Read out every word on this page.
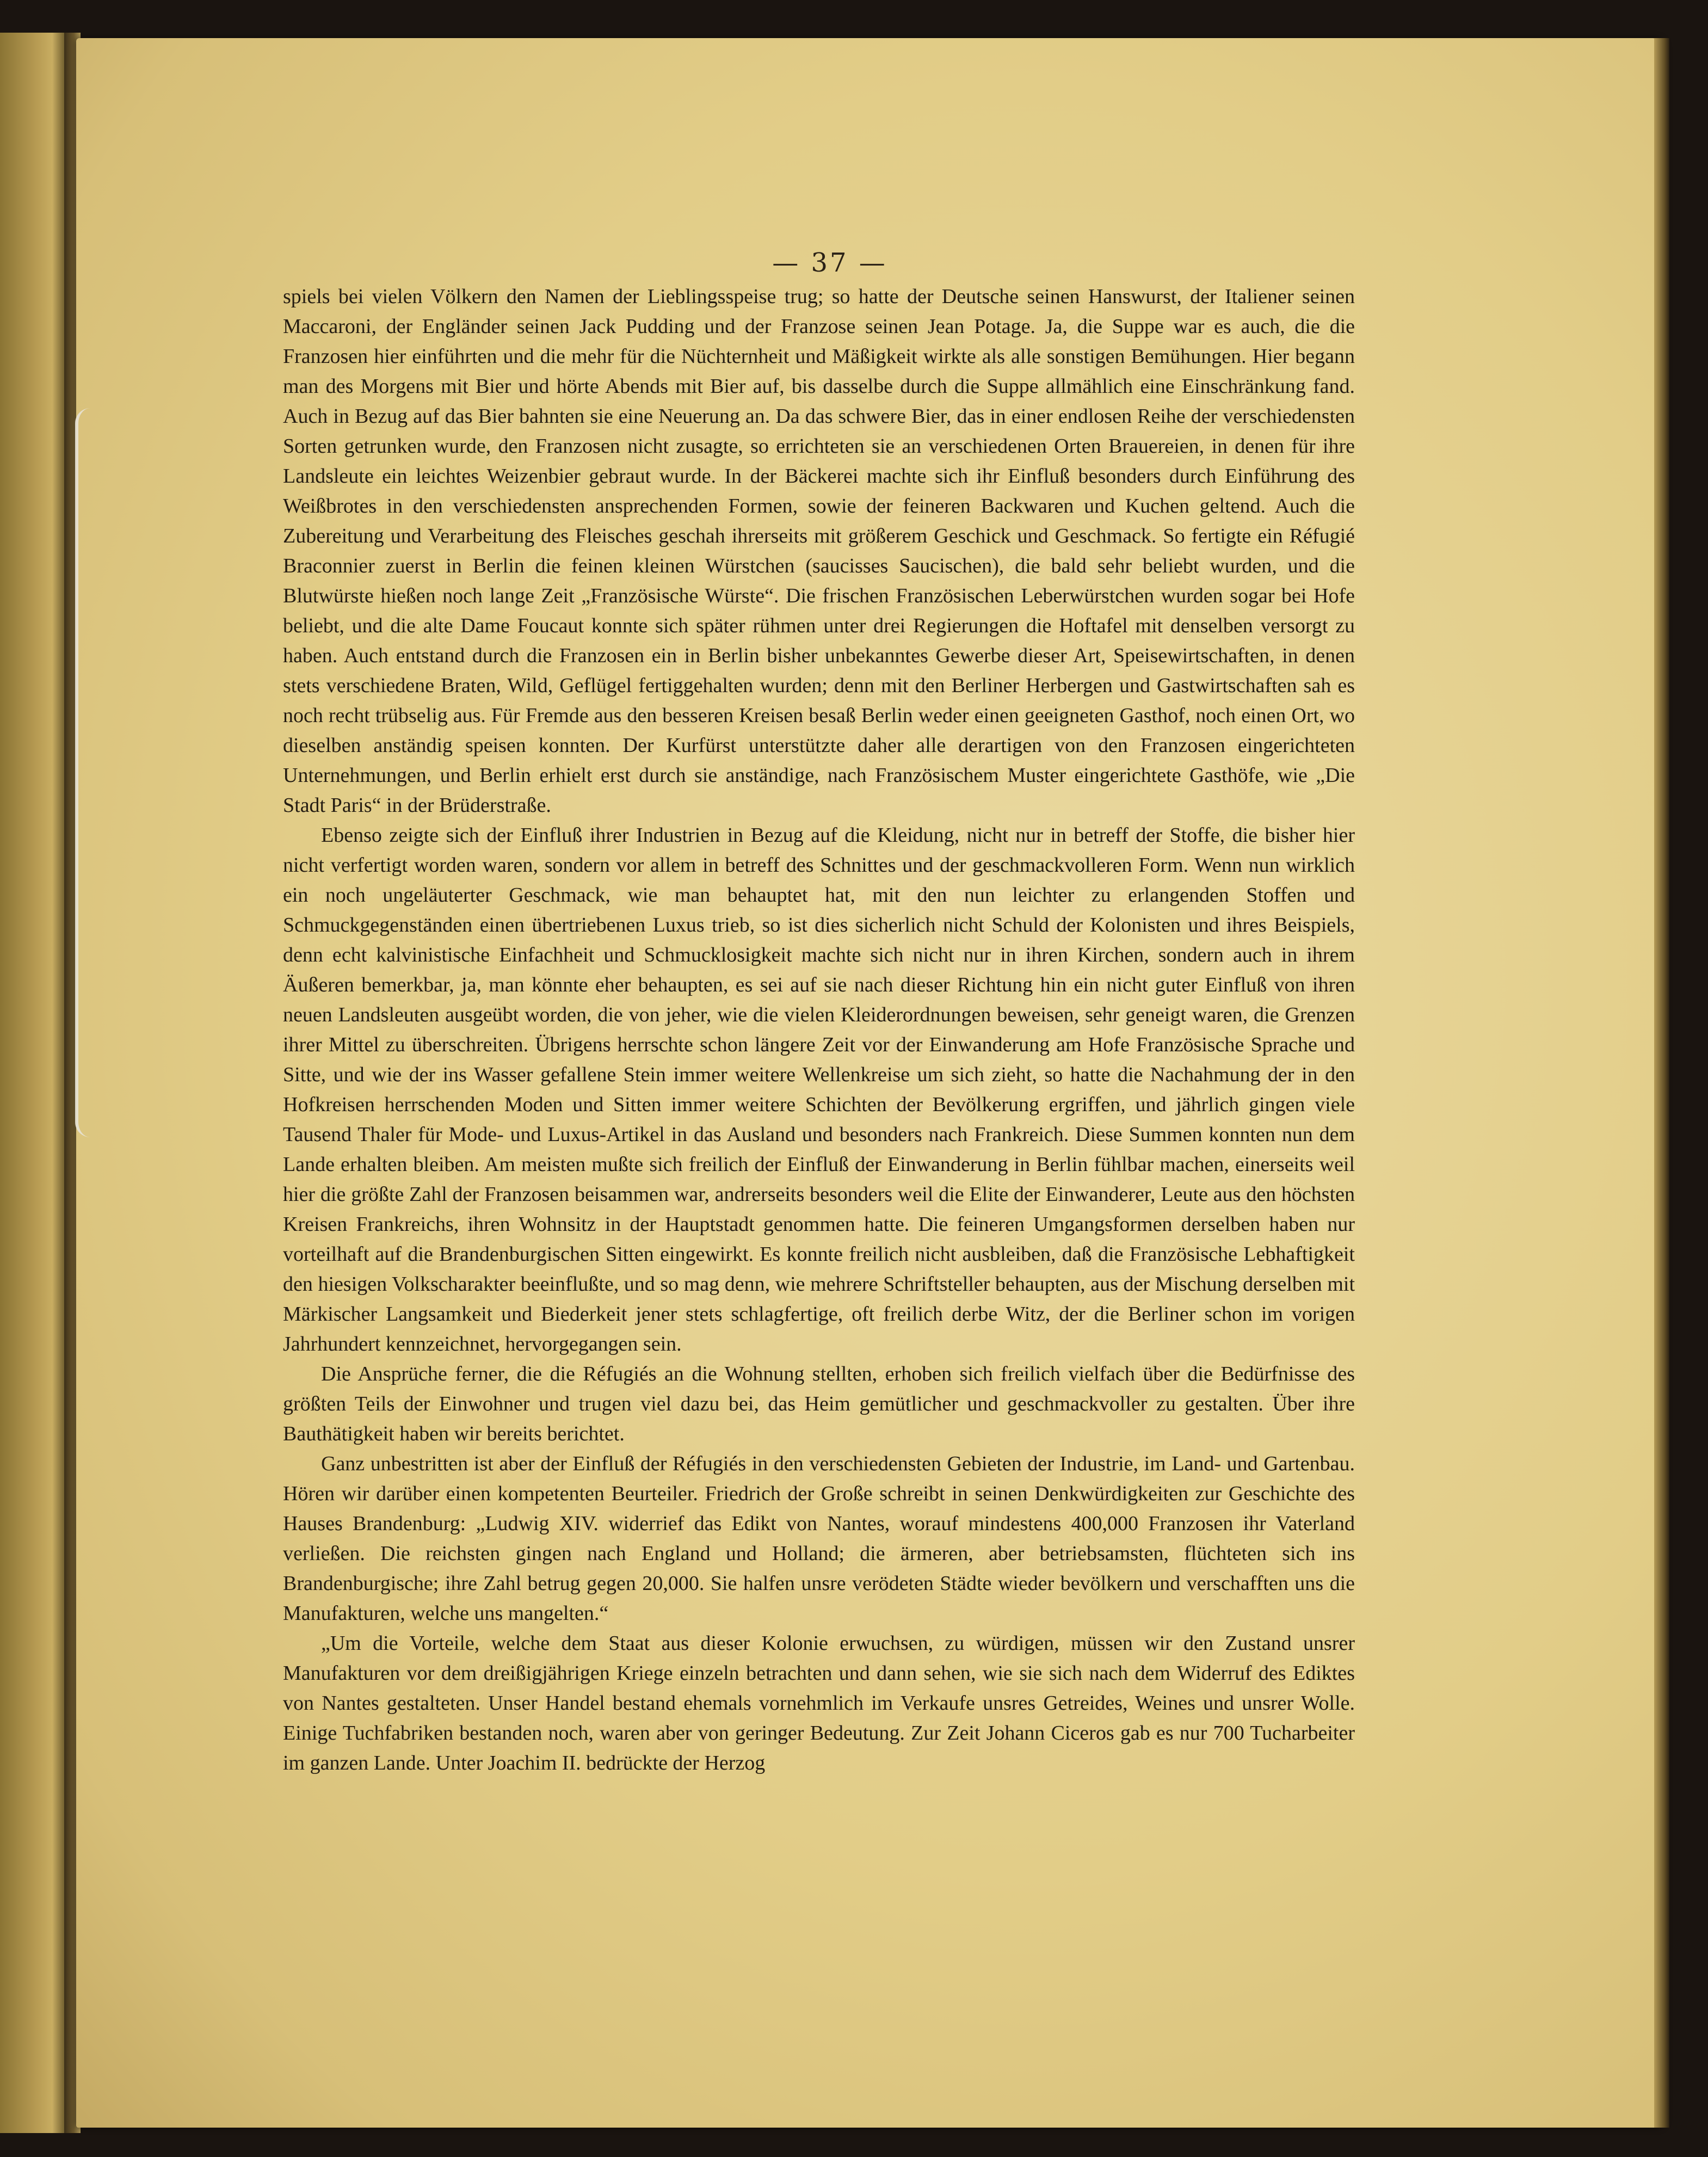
— 37 —

spiels bei vielen Völkern den Namen der Lieblingsspeise trug; so hatte der Deutsche seinen Hanswurst, der Italiener seinen Maccaroni, der Engländer seinen Jack Pudding und der Franzose seinen Jean Potage. Ja, die Suppe war es auch, die die Franzosen hier einführten und die mehr für die Nüchternheit und Mäßigkeit wirkte als alle sonstigen Bemühungen. Hier begann man des Morgens mit Bier und hörte Abends mit Bier auf, bis dasselbe durch die Suppe allmählich eine Einschränkung fand. Auch in Bezug auf das Bier bahnten sie eine Neuerung an. Da das schwere Bier, das in einer endlosen Reihe der verschiedensten Sorten getrunken wurde, den Franzosen nicht zusagte, so errichteten sie an verschiedenen Orten Brauereien, in denen für ihre Landsleute ein leichtes Weizenbier gebraut wurde. In der Bäckerei machte sich ihr Einfluß besonders durch Einführung des Weißbrotes in den verschiedensten ansprechenden Formen, sowie der feineren Backwaren und Kuchen geltend. Auch die Zubereitung und Verarbeitung des Fleisches geschah ihrerseits mit größerem Geschick und Geschmack. So fertigte ein Réfugié Braconnier zuerst in Berlin die feinen kleinen Würstchen (saucisses Saucischen), die bald sehr beliebt wurden, und die Blutwürste hießen noch lange Zeit „Französische Würste“. Die frischen Französischen Leberwürstchen wurden sogar bei Hofe beliebt, und die alte Dame Foucaut konnte sich später rühmen unter drei Regierungen die Hoftafel mit denselben versorgt zu haben. Auch entstand durch die Franzosen ein in Berlin bisher unbekanntes Gewerbe dieser Art, Speisewirtschaften, in denen stets verschiedene Braten, Wild, Geflügel fertiggehalten wurden; denn mit den Berliner Herbergen und Gastwirtschaften sah es noch recht trübselig aus. Für Fremde aus den besseren Kreisen besaß Berlin weder einen geeigneten Gasthof, noch einen Ort, wo dieselben anständig speisen konnten. Der Kurfürst unterstützte daher alle derartigen von den Franzosen eingerichteten Unternehmungen, und Berlin erhielt erst durch sie anständige, nach Französischem Muster eingerichtete Gasthöfe, wie „Die Stadt Paris“ in der Brüderstraße.

Ebenso zeigte sich der Einfluß ihrer Industrien in Bezug auf die Kleidung, nicht nur in betreff der Stoffe, die bisher hier nicht verfertigt worden waren, sondern vor allem in betreff des Schnittes und der geschmackvolleren Form. Wenn nun wirklich ein noch ungeläuterter Geschmack, wie man behauptet hat, mit den nun leichter zu erlangenden Stoffen und Schmuckgegenständen einen übertriebenen Luxus trieb, so ist dies sicherlich nicht Schuld der Kolonisten und ihres Beispiels, denn echt kalvinistische Einfachheit und Schmucklosigkeit machte sich nicht nur in ihren Kirchen, sondern auch in ihrem Äußeren bemerkbar, ja, man könnte eher behaupten, es sei auf sie nach dieser Richtung hin ein nicht guter Einfluß von ihren neuen Landsleuten ausgeübt worden, die von jeher, wie die vielen Kleiderordnungen beweisen, sehr geneigt waren, die Grenzen ihrer Mittel zu überschreiten. Übrigens herrschte schon längere Zeit vor der Einwanderung am Hofe Französische Sprache und Sitte, und wie der ins Wasser gefallene Stein immer weitere Wellenkreise um sich zieht, so hatte die Nachahmung der in den Hofkreisen herrschenden Moden und Sitten immer weitere Schichten der Bevölkerung ergriffen, und jährlich gingen viele Tausend Thaler für Mode- und Luxus-Artikel in das Ausland und besonders nach Frankreich. Diese Summen konnten nun dem Lande erhalten bleiben. Am meisten mußte sich freilich der Einfluß der Einwanderung in Berlin fühlbar machen, einerseits weil hier die größte Zahl der Franzosen beisammen war, andrerseits besonders weil die Elite der Einwanderer, Leute aus den höchsten Kreisen Frankreichs, ihren Wohnsitz in der Hauptstadt genommen hatte. Die feineren Umgangsformen derselben haben nur vorteilhaft auf die Brandenburgischen Sitten eingewirkt. Es konnte freilich nicht ausbleiben, daß die Französische Lebhaftigkeit den hiesigen Volkscharakter beeinflußte, und so mag denn, wie mehrere Schriftsteller behaupten, aus der Mischung derselben mit Märkischer Langsamkeit und Biederkeit jener stets schlagfertige, oft freilich derbe Witz, der die Berliner schon im vorigen Jahrhundert kennzeichnet, hervorgegangen sein.

Die Ansprüche ferner, die die Réfugiés an die Wohnung stellten, erhoben sich freilich vielfach über die Bedürfnisse des größten Teils der Einwohner und trugen viel dazu bei, das Heim gemütlicher und geschmackvoller zu gestalten. Über ihre Bauthätigkeit haben wir bereits berichtet.

Ganz unbestritten ist aber der Einfluß der Réfugiés in den verschiedensten Gebieten der Industrie, im Land- und Gartenbau. Hören wir darüber einen kompetenten Beurteiler. Friedrich der Große schreibt in seinen Denkwürdigkeiten zur Geschichte des Hauses Brandenburg: „Ludwig XIV. widerrief das Edikt von Nantes, worauf mindestens 400,000 Franzosen ihr Vaterland verließen. Die reichsten gingen nach England und Holland; die ärmeren, aber betriebsamsten, flüchteten sich ins Brandenburgische; ihre Zahl betrug gegen 20,000. Sie halfen unsre verödeten Städte wieder bevölkern und verschafften uns die Manufakturen, welche uns mangelten.“

„Um die Vorteile, welche dem Staat aus dieser Kolonie erwuchsen, zu würdigen, müssen wir den Zustand unsrer Manufakturen vor dem dreißigjährigen Kriege einzeln betrachten und dann sehen, wie sie sich nach dem Widerruf des Ediktes von Nantes gestalteten. Unser Handel bestand ehemals vornehmlich im Verkaufe unsres Getreides, Weines und unsrer Wolle. Einige Tuchfabriken bestanden noch, waren aber von geringer Bedeutung. Zur Zeit Johann Ciceros gab es nur 700 Tucharbeiter im ganzen Lande. Unter Joachim II. bedrückte der Herzog
